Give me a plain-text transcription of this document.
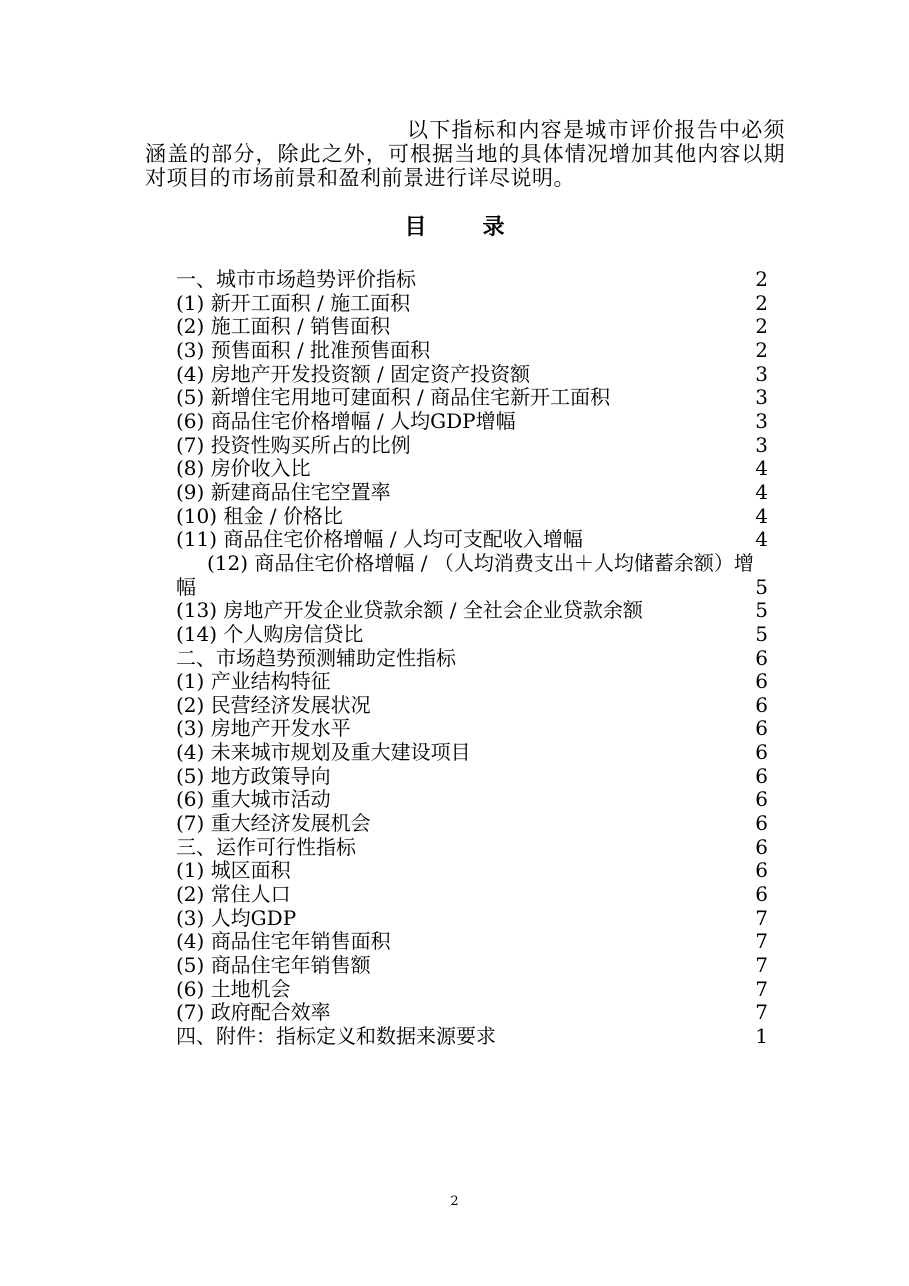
以下指标和内容是城市评价报告中必须涵盖的部分，除此之外，可根据当地的具体情况增加其他内容以期对项目的市场前景和盈利前景进行详尽说明。

目	录
一、城市市场趋势评价指标	2
(1) 新开工面积 / 施工面积	2
(2) 施工面积 / 销售面积	2
(3) 预售面积 / 批准预售面积	2
(4) 房地产开发投资额 / 固定资产投资额	3
(5) 新增住宅用地可建面积 / 商品住宅新开工面积	3
(6) 商品住宅价格增幅 / 人均GDP增幅	3
(7) 投资性购买所占的比例	3
(8) 房价收入比	4
(9) 新建商品住宅空置率	4
(10) 租金 / 价格比	4
(11) 商品住宅价格增幅 / 人均可支配收入增幅	4
(12) 商品住宅价格增幅 / （人均消费支出＋人均储蓄余额）增幅	5
(13) 房地产开发企业贷款余额 / 全社会企业贷款余额	5
(14) 个人购房信贷比	5
二、市场趋势预测辅助定性指标	6
(1) 产业结构特征	6
(2) 民营经济发展状况	6
(3) 房地产开发水平	6
(4) 未来城市规划及重大建设项目	6
(5) 地方政策导向	6
(6) 重大城市活动	6
(7) 重大经济发展机会	6
三、运作可行性指标	6
(1) 城区面积	6
(2) 常住人口	6
(3) 人均GDP	7
(4) 商品住宅年销售面积	7
(5) 商品住宅年销售额	7
(6) 土地机会	7
(7) 政府配合效率	7
四、附件：指标定义和数据来源要求	1
2
